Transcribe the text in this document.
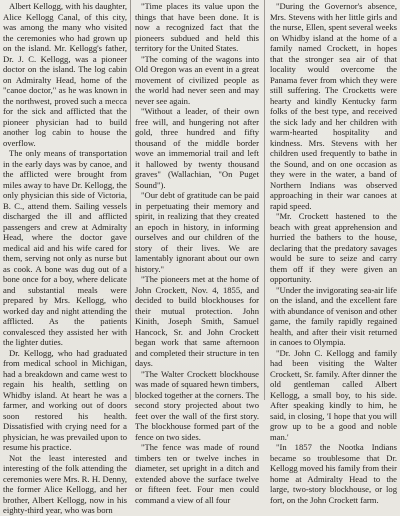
Albert Kellogg, with his daughter, Alice Kellogg Canal, of this city, was among the many who visited the ceremonies who had grown up on the island. Mr. Kellogg's father, Dr. J. C. Kellogg, was a pioneer doctor on the island. The log cabin on Admiralty Head, home of the "canoe doctor," as he was known in the northwest, proved such a mecca for the sick and afflicted that the pioneer physician had to build another log cabin to house the overflow.

The only means of transportation in the early days was by canoe, and the afflicted were brought from miles away to have Dr. Kellogg, the only physician this side of Victoria, B. C., attend them. Sailing vessels discharged the ill and afflicted passengers and crew at Admiralty Head, where the doctor gave medical aid and his wife cared for them, serving not only as nurse but as cook. A bone was dug out of a bone once for a boy, where delicate and substantial meals were prepared by Mrs. Kellogg, who worked day and night attending the afflicted. As the patients convalesced they assisted her with the lighter duties.

Dr. Kellogg, who had graduated from medical school in Michigan, had a breakdown and came west to regain his health, settling on Whidby island. At heart he was a farmer, and working out of doors soon restored his health. Dissatisfied with crying need for a physician, he was prevailed upon to resume his practice.

Not the least interested and interesting of the folk attending the ceremonies were Mrs. R. H. Denny, the former Alice Kellogg, and her brother, Albert Kellogg, now in his eighty-third year, who was born

"Time places its value upon the things that have been done. It is now a recognized fact that the pioneers subdued and held this territory for the United States.

"The coming of the wagons into Old Oregon was an event in a great movement of civilized people as the world had never seen and may never see again.

"Without a leader, of their own free will, and hungering not after gold, three hundred and fifty thousand of the middle border wove an immemorial trail and left it hallowed by twenty thousand graves" (Wallachian, "On Puget Sound").

"Our debt of gratitude can be paid in perpetuating their memory and spirit, in realizing that they created an epoch in history, in informing ourselves and our children of the story of their lives. We are lamentably ignorant about our own history."

"The pioneers met at the home of John Crockett, Nov. 4, 1855, and decided to build blockhouses for their mutual protection. John Kinith, Joseph Smith, Samuel Hancock, Sr. and John Crockett began work that same afternoon and completed their structure in ten days.

"The Walter Crockett blockhouse was made of squared hewn timbers, blocked together at the corners. The second story projected about two feet over the wall of the first story. The blockhouse formed part of the fence on two sides.

"The fence was made of round timbers ten or twelve inches in diameter, set upright in a ditch and extended above the surface twelve or fifteen feet. Four men could command a view of all four

"During the Governor's absence, Mrs. Stevens with her little girls and the nurse, Ellen, spent several weeks on Whidby island at the home of a family named Crockett, in hopes that the stronger sea air of that locality would overcome the Panama fever from which they were still suffering. The Crocketts were hearty and kindly Kentucky farm folks of the best type, and received the sick lady and her children with warm-hearted hospitality and kindness. Mrs. Stevens with her children used frequently to bathe in the Sound, and on one occasion as they were in the water, a band of Northern Indians was observed approaching in their war canoes at rapid speed.

"Mr. Crockett hastened to the beach with great apprehension and hurried the bathers to the house, declaring that the predatory savages would be sure to seize and carry them off if they were given an opportunity.

"Under the invigorating sea-air life on the island, and the excellent fare with abundance of venison and other game, the family rapidly regained health, and after their visit returned in canoes to Olympia.

"Dr. John C. Kellogg and family had been visiting the Walter Crockett, Sr. family. After dinner the old gentleman called Albert Kellogg, a small boy, to his side. After speaking kindly to him, he said, in closing, 'I hope that you will grow up to be a good and noble man.'

"In 1857 the Nootka Indians became so troublesome that Dr. Kellogg moved his family from their home at Admiralty Head to the large, two-story blockhouse, or log fort, on the John Crockett farm.
